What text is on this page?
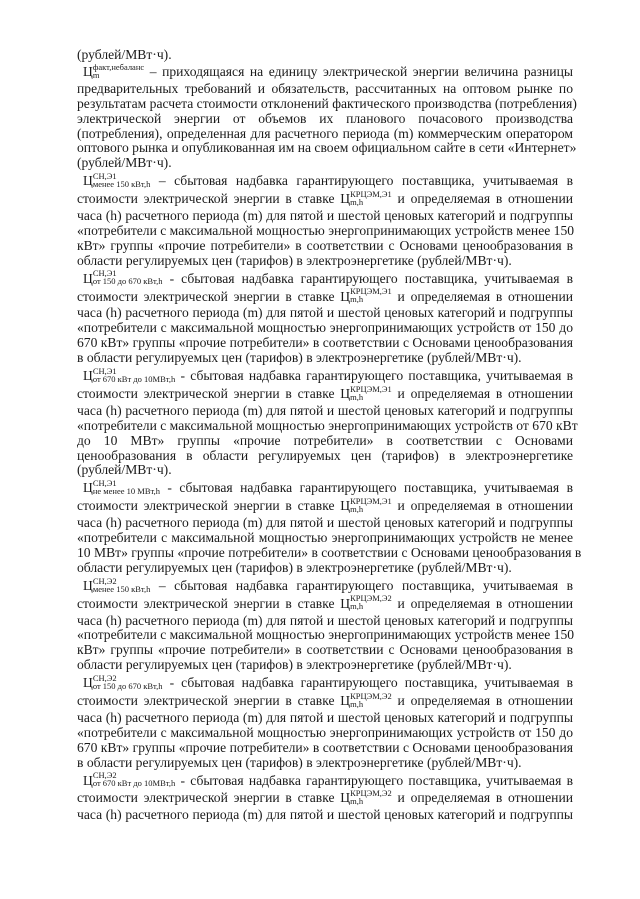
(рублей/МВт·ч).
Ц факт,небаланс
m	– приходящаяся на единицу электрической энергии величина разницы
предварительных требований и обязательств, рассчитанных на оптовом рынке по
результатам расчета стоимости отклонений фактического производства (потребления)
электрической энергии от объемов их планового почасового производства
(потребления), определенная для расчетного периода (m) коммерческим оператором
оптового рынка и опубликованная им на своем официальном сайте в сети «Интернет»
(рублей/МВт·ч).
Ц СН,Э1
менее 150 кВт,h – сбытовая надбавка гарантирующего поставщика, учитываемая в
стоимости электрической энергии в ставке Ц КРЦЭМ,Э1
m,h	и определяемая в отношении
часа (h) расчетного периода (m) для пятой и шестой ценовых категорий и подгруппы
«потребители с максимальной мощностью энергопринимающих устройств менее 150
кВт» группы «прочие потребители» в соответствии с Основами ценообразования в
области регулируемых цен (тарифов) в электроэнергетике (рублей/МВт·ч).
Ц СН,Э1
от 150 до 670 кВт,h - сбытовая надбавка гарантирующего поставщика, учитываемая в
стоимости электрической энергии в ставке Ц КРЦЭМ,Э1
m,h	и определяемая в отношении
часа (h) расчетного периода (m) для пятой и шестой ценовых категорий и подгруппы
«потребители с максимальной мощностью энергопринимающих устройств от 150 до
670 кВт» группы «прочие потребители» в соответствии с Основами ценообразования
в области регулируемых цен (тарифов) в электроэнергетике (рублей/МВт·ч).
Ц СН,Э1
от 670 кВт до 10МВт,h - сбытовая надбавка гарантирующего поставщика, учитываемая в
стоимости электрической энергии в ставке Ц КРЦЭМ,Э1
m,h	и определяемая в отношении
часа (h) расчетного периода (m) для пятой и шестой ценовых категорий и подгруппы
«потребители с максимальной мощностью энергопринимающих устройств от 670 кВт
до 10 МВт» группы «прочие потребители» в соответствии с Основами
ценообразования в области регулируемых цен (тарифов) в электроэнергетике
(рублей/МВт·ч).
Ц СН,Э1
не менее 10 МВт,h - сбытовая надбавка гарантирующего поставщика, учитываемая в
стоимости электрической энергии в ставке Ц КРЦЭМ,Э1
m,h	и определяемая в отношении
часа (h) расчетного периода (m) для пятой и шестой ценовых категорий и подгруппы
«потребители с максимальной мощностью энергопринимающих устройств не менее
10 МВт» группы «прочие потребители» в соответствии с Основами ценообразования в
области регулируемых цен (тарифов) в электроэнергетике (рублей/МВт·ч).
Ц СН,Э2
менее 150 кВт,h – сбытовая надбавка гарантирующего поставщика, учитываемая в
стоимости электрической энергии в ставке Ц КРЦЭМ,Э2
m,h	и определяемая в отношении
часа (h) расчетного периода (m) для пятой и шестой ценовых категорий и подгруппы
«потребители с максимальной мощностью энергопринимающих устройств менее 150
кВт» группы «прочие потребители» в соответствии с Основами ценообразования в
области регулируемых цен (тарифов) в электроэнергетике (рублей/МВт·ч).
Ц СН,Э2
от 150 до 670 кВт,h - сбытовая надбавка гарантирующего поставщика, учитываемая в
стоимости электрической энергии в ставке Ц КРЦЭМ,Э2
m,h	и определяемая в отношении
часа (h) расчетного периода (m) для пятой и шестой ценовых категорий и подгруппы
«потребители с максимальной мощностью энергопринимающих устройств от 150 до
670 кВт» группы «прочие потребители» в соответствии с Основами ценообразования
в области регулируемых цен (тарифов) в электроэнергетике (рублей/МВт·ч).
Ц СН,Э2
от 670 кВт до 10МВт,h - сбытовая надбавка гарантирующего поставщика, учитываемая в
стоимости электрической энергии в ставке Ц КРЦЭМ,Э2
m,h	и определяемая в отношении
часа (h) расчетного периода (m) для пятой и шестой ценовых категорий и подгруппы
